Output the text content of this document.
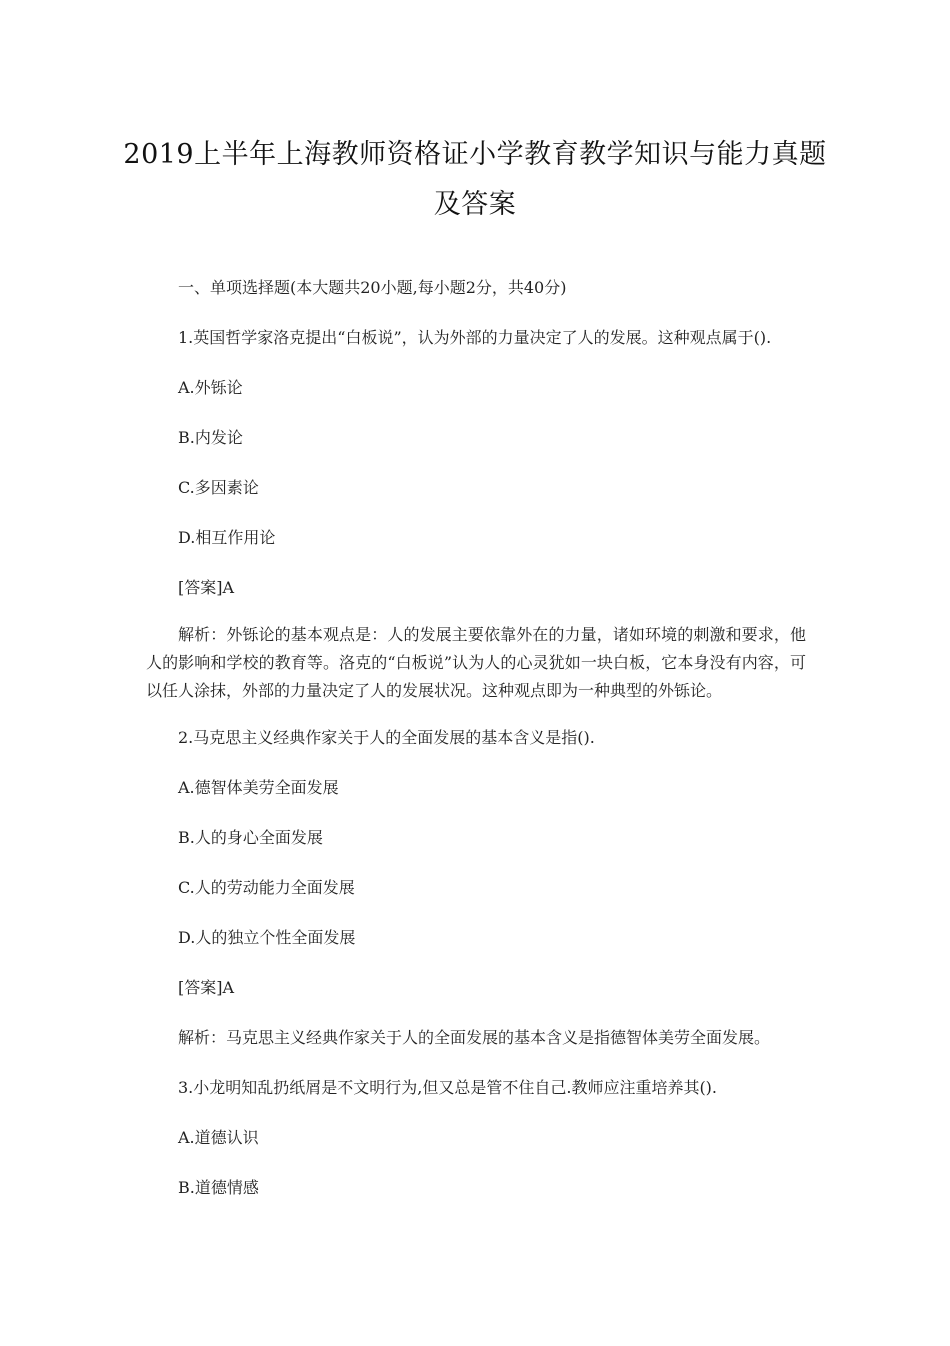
2019上半年上海教师资格证小学教育教学知识与能力真题
及答案
一、单项选择题(本大题共20小题,每小题2分，共40分)
1.英国哲学家洛克提出“白板说”，认为外部的力量决定了人的发展。这种观点属于().
A.外铄论
B.内发论
C.多因素论
D.相互作用论
[答案]A
解析：外铄论的基本观点是：人的发展主要依靠外在的力量，诸如环境的刺激和要求，他人的影响和学校的教育等。洛克的“白板说”认为人的心灵犹如一块白板，它本身没有内容，可以任人涂抹，外部的力量决定了人的发展状况。这种观点即为一种典型的外铄论。
2.马克思主义经典作家关于人的全面发展的基本含义是指().
A.德智体美劳全面发展
B.人的身心全面发展
C.人的劳动能力全面发展
D.人的独立个性全面发展
[答案]A
解析：马克思主义经典作家关于人的全面发展的基本含义是指德智体美劳全面发展。
3.小龙明知乱扔纸屑是不文明行为,但又总是管不住自己.教师应注重培养其().
A.道德认识
B.道德情感
